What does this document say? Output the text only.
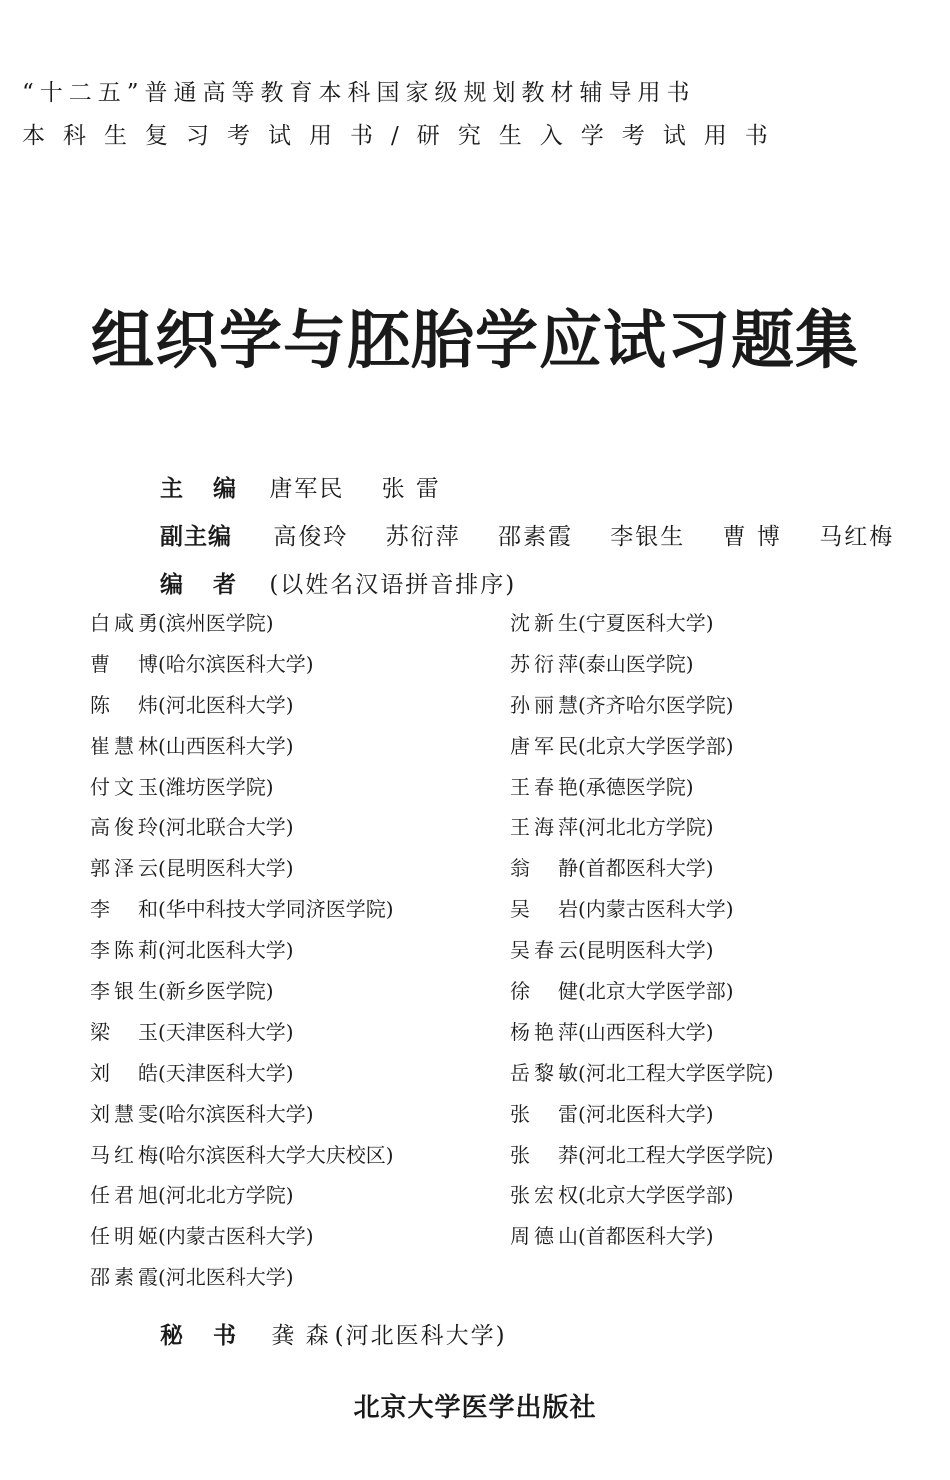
“十二五”普通高等教育本科国家级规划教材辅导用书
本科生复习考试用书/研究生入学考试用书
组织学与胚胎学应试习题集
主编 唐军民 张 雷
副主编 高俊玲 苏衍萍 邵素霞 李银生 曹 博 马红梅
编者 (以姓名汉语拼音排序)
白咸勇(滨州医学院)
曹博(哈尔滨医科大学)
陈炜(河北医科大学)
崔慧林(山西医科大学)
付文玉(潍坊医学院)
高俊玲(河北联合大学)
郭泽云(昆明医科大学)
李和(华中科技大学同济医学院)
李陈莉(河北医科大学)
李银生(新乡医学院)
梁玉(天津医科大学)
刘皓(天津医科大学)
刘慧雯(哈尔滨医科大学)
马红梅(哈尔滨医科大学大庆校区)
任君旭(河北北方学院)
任明姬(内蒙古医科大学)
邵素霞(河北医科大学)
沈新生(宁夏医科大学)
苏衍萍(泰山医学院)
孙丽慧(齐齐哈尔医学院)
唐军民(北京大学医学部)
王春艳(承德医学院)
王海萍(河北北方学院)
翁静(首都医科大学)
吴岩(内蒙古医科大学)
吴春云(昆明医科大学)
徐健(北京大学医学部)
杨艳萍(山西医科大学)
岳黎敏(河北工程大学医学院)
张雷(河北医科大学)
张莽(河北工程大学医学院)
张宏权(北京大学医学部)
周德山(首都医科大学)
秘书 龚 森 (河北医科大学)
北京大学医学出版社
